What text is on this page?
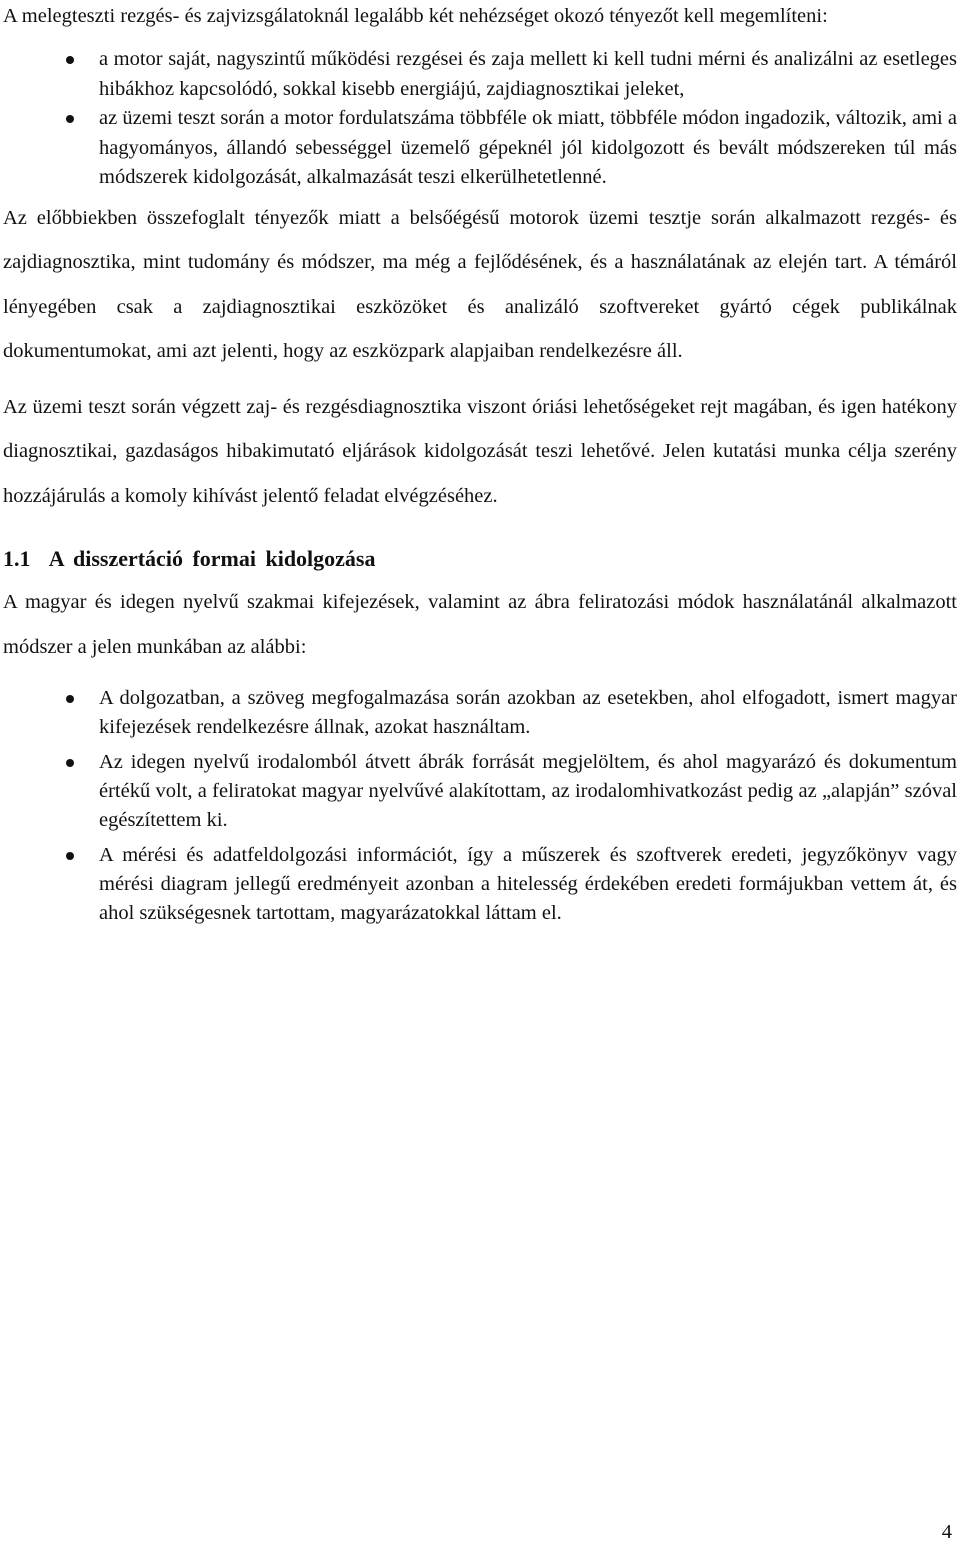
A melegteszti rezgés- és zajvizsgálatoknál legalább két nehézséget okozó tényezőt kell megemlíteni:

a motor saját, nagyszintű működési rezgései és zaja mellett ki kell tudni mérni és analizálni az esetleges hibákhoz kapcsolódó, sokkal kisebb energiájú, zajdiagnosztikai jeleket,
az üzemi teszt során a motor fordulatszáma többféle ok miatt, többféle módon ingadozik, változik, ami a hagyományos, állandó sebességgel üzemelő gépeknél jól kidolgozott és bevált módszereken túl más módszerek kidolgozását, alkalmazását teszi elkerülhetetlenné.

Az előbbiekben összefoglalt tényezők miatt a belsőégésű motorok üzemi tesztje során alkalmazott rezgés- és zajdiagnosztika, mint tudomány és módszer, ma még a fejlődésének, és a használatának az elején tart. A témáról lényegében csak a zajdiagnosztikai eszközöket és analizáló szoftvereket gyártó cégek publikálnak dokumentumokat, ami azt jelenti, hogy az eszközpark alapjaiban rendelkezésre áll.

Az üzemi teszt során végzett zaj- és rezgésdiagnosztika viszont óriási lehetőségeket rejt magában, és igen hatékony diagnosztikai, gazdaságos hibakimutató eljárások kidolgozását teszi lehetővé. Jelen kutatási munka célja szerény hozzájárulás a komoly kihívást jelentő feladat elvégzéséhez.

1.1 A disszertáció formai kidolgozása

A magyar és idegen nyelvű szakmai kifejezések, valamint az ábra feliratozási módok használatánál alkalmazott módszer a jelen munkában az alábbi:

A dolgozatban, a szöveg megfogalmazása során azokban az esetekben, ahol elfogadott, ismert magyar kifejezések rendelkezésre állnak, azokat használtam.
Az idegen nyelvű irodalomból átvett ábrák forrását megjelöltem, és ahol magyarázó és dokumentum értékű volt, a feliratokat magyar nyelvűvé alakítottam, az irodalomhivatkozást pedig az „alapján” szóval egészítettem ki.
A mérési és adatfeldolgozási információt, így a műszerek és szoftverek eredeti, jegyzőkönyv vagy mérési diagram jellegű eredményeit azonban a hitelesség érdekében eredeti formájukban vettem át, és ahol szükségesnek tartottam, magyarázatokkal láttam el.
4
